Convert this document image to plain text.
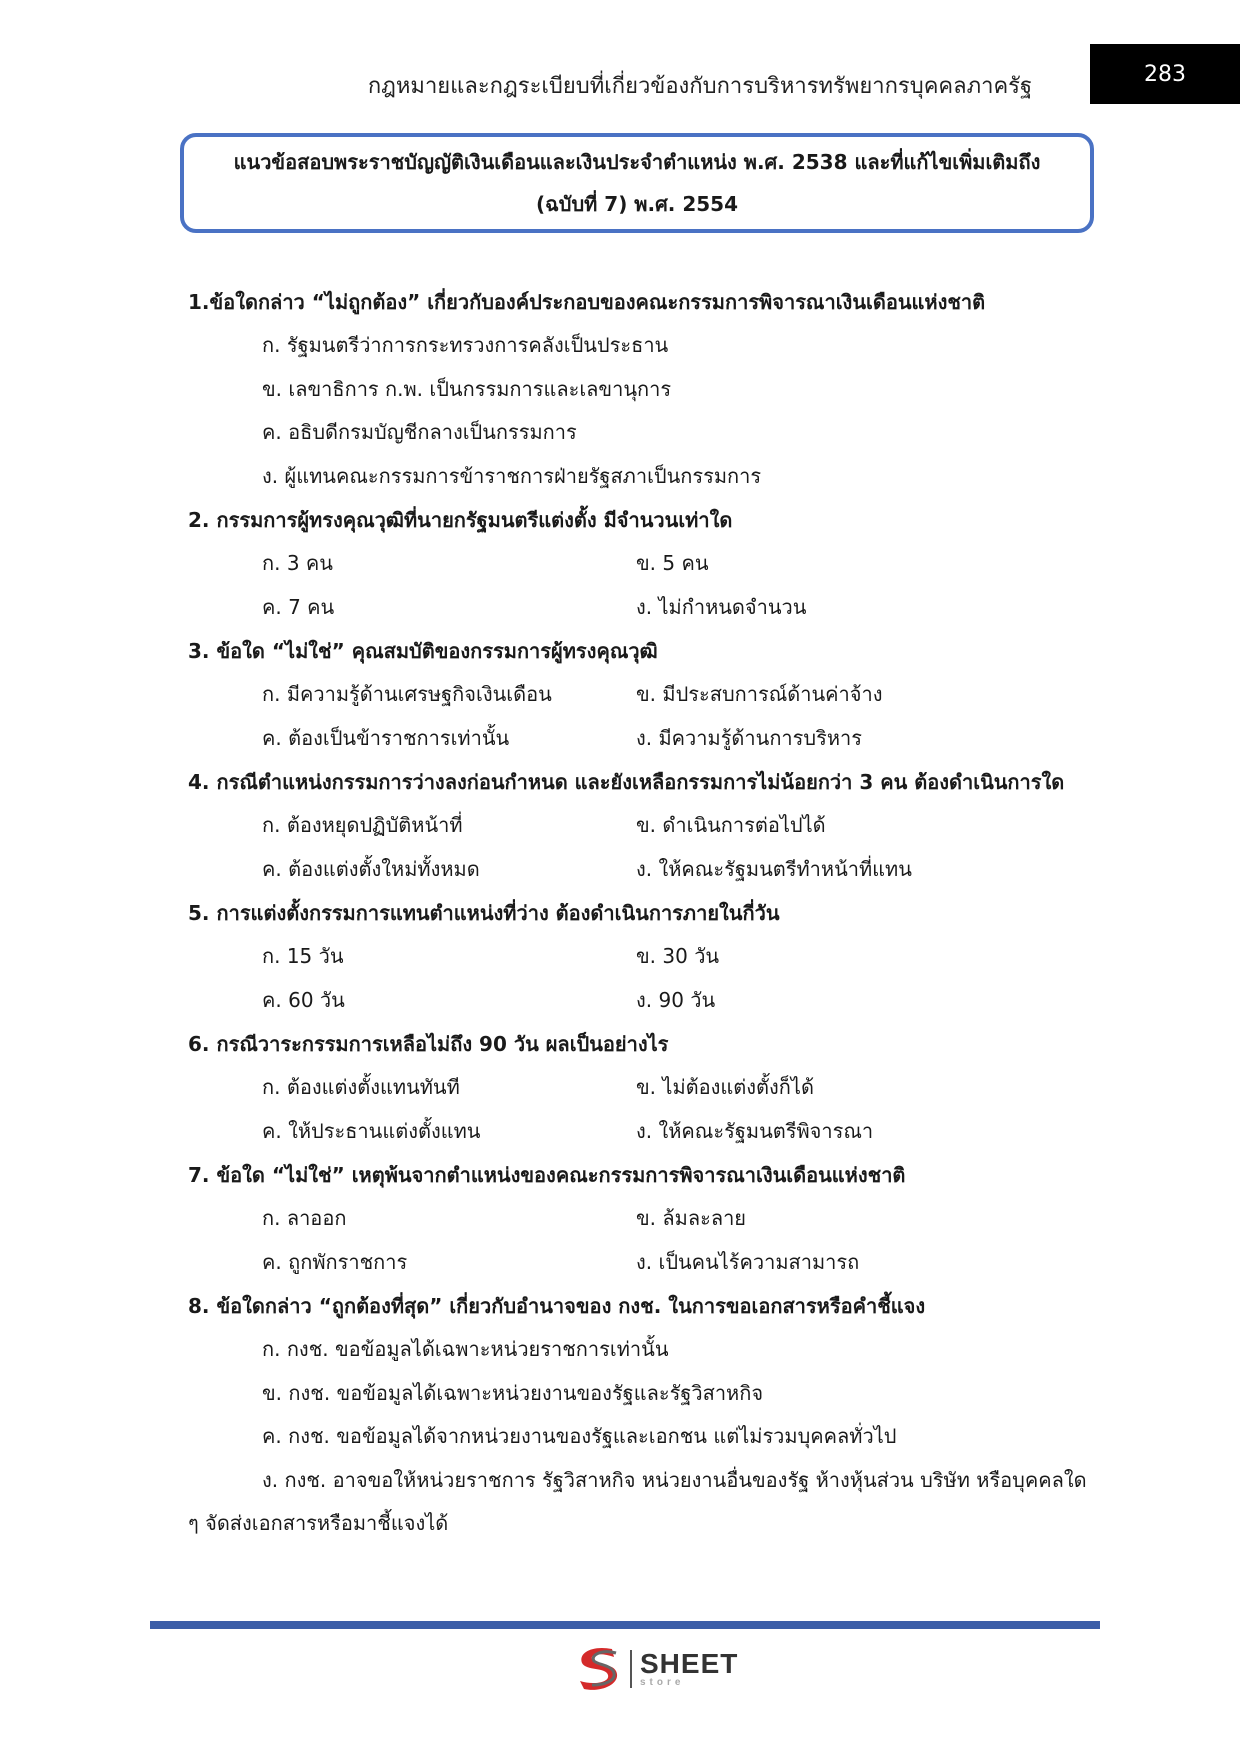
กฎหมายและกฎระเบียบที่เกี่ยวข้องกับการบริหารทรัพยากรบุคคลภาครัฐ	283
แนวข้อสอบพระราชบัญญัติเงินเดือนและเงินประจำตำแหน่ง พ.ศ. 2538 และที่แก้ไขเพิ่มเติมถึง
(ฉบับที่ 7) พ.ศ. 2554
1.ข้อใดกล่าว “ไม่ถูกต้อง” เกี่ยวกับองค์ประกอบของคณะกรรมการพิจารณาเงินเดือนแห่งชาติ
ก. รัฐมนตรีว่าการกระทรวงการคลังเป็นประธาน
ข. เลขาธิการ ก.พ. เป็นกรรมการและเลขานุการ
ค. อธิบดีกรมบัญชีกลางเป็นกรรมการ
ง. ผู้แทนคณะกรรมการข้าราชการฝ่ายรัฐสภาเป็นกรรมการ
2. กรรมการผู้ทรงคุณวุฒิที่นายกรัฐมนตรีแต่งตั้ง มีจำนวนเท่าใด
ก. 3 คน	ข. 5 คน
ค. 7 คน	ง. ไม่กำหนดจำนวน
3. ข้อใด “ไม่ใช่” คุณสมบัติของกรรมการผู้ทรงคุณวุฒิ
ก. มีความรู้ด้านเศรษฐกิจเงินเดือน	ข. มีประสบการณ์ด้านค่าจ้าง
ค. ต้องเป็นข้าราชการเท่านั้น	ง. มีความรู้ด้านการบริหาร
4. กรณีตำแหน่งกรรมการว่างลงก่อนกำหนด และยังเหลือกรรมการไม่น้อยกว่า 3 คน ต้องดำเนินการใด
ก. ต้องหยุดปฏิบัติหน้าที่	ข. ดำเนินการต่อไปได้
ค. ต้องแต่งตั้งใหม่ทั้งหมด	ง. ให้คณะรัฐมนตรีทำหน้าที่แทน
5. การแต่งตั้งกรรมการแทนตำแหน่งที่ว่าง ต้องดำเนินการภายในกี่วัน
ก. 15 วัน	ข. 30 วัน
ค. 60 วัน	ง. 90 วัน
6. กรณีวาระกรรมการเหลือไม่ถึง 90 วัน ผลเป็นอย่างไร
ก. ต้องแต่งตั้งแทนทันที	ข. ไม่ต้องแต่งตั้งก็ได้
ค. ให้ประธานแต่งตั้งแทน	ง. ให้คณะรัฐมนตรีพิจารณา
7. ข้อใด “ไม่ใช่” เหตุพ้นจากตำแหน่งของคณะกรรมการพิจารณาเงินเดือนแห่งชาติ
ก. ลาออก	ข. ล้มละลาย
ค. ถูกพักราชการ	ง. เป็นคนไร้ความสามารถ
8. ข้อใดกล่าว “ถูกต้องที่สุด” เกี่ยวกับอำนาจของ กงช. ในการขอเอกสารหรือคำชี้แจง
ก. กงช. ขอข้อมูลได้เฉพาะหน่วยราชการเท่านั้น
ข. กงช. ขอข้อมูลได้เฉพาะหน่วยงานของรัฐและรัฐวิสาหกิจ
ค. กงช. ขอข้อมูลได้จากหน่วยงานของรัฐและเอกชน แต่ไม่รวมบุคคลทั่วไป
ง. กงช. อาจขอให้หน่วยราชการ รัฐวิสาหกิจ หน่วยงานอื่นของรัฐ ห้างหุ้นส่วน บริษัท หรือบุคคลใด ๆ จัดส่งเอกสารหรือมาชี้แจงได้
SHEET
store
